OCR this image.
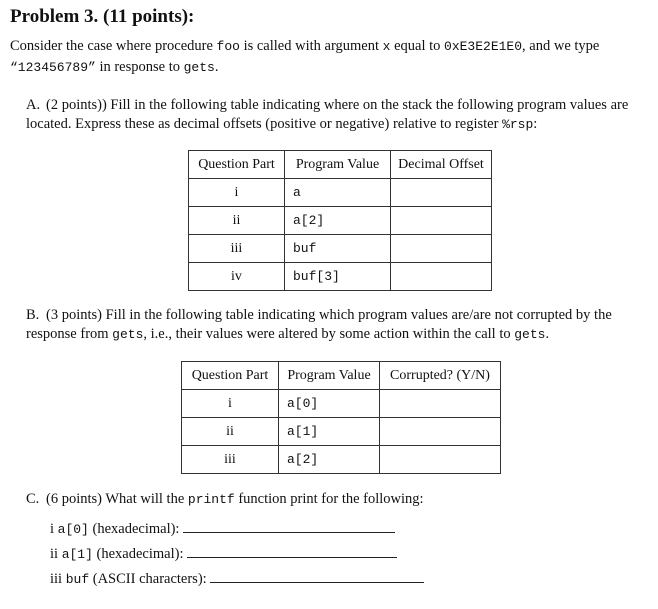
Problem 3. (11 points):
Consider the case where procedure foo is called with argument x equal to 0xE3E2E1E0, and we type
“123456789” in response to gets.
A. (2 points)) Fill in the following table indicating where on the stack the following program values are located. Express these as decimal offsets (positive or negative) relative to register %rsp:
Question Part	Program Value	Decimal Offset
i	a	
ii	a[2]	
iii	buf	
iv	buf[3]	
B. (3 points) Fill in the following table indicating which program values are/are not corrupted by the response from gets, i.e., their values were altered by some action within the call to gets.
Question Part	Program Value	Corrupted? (Y/N)
i	a[0]	
ii	a[1]	
iii	a[2]	
C. (6 points) What will the printf function print for the following:
i a[0] (hexadecimal):
ii a[1] (hexadecimal):
iii buf (ASCII characters):
